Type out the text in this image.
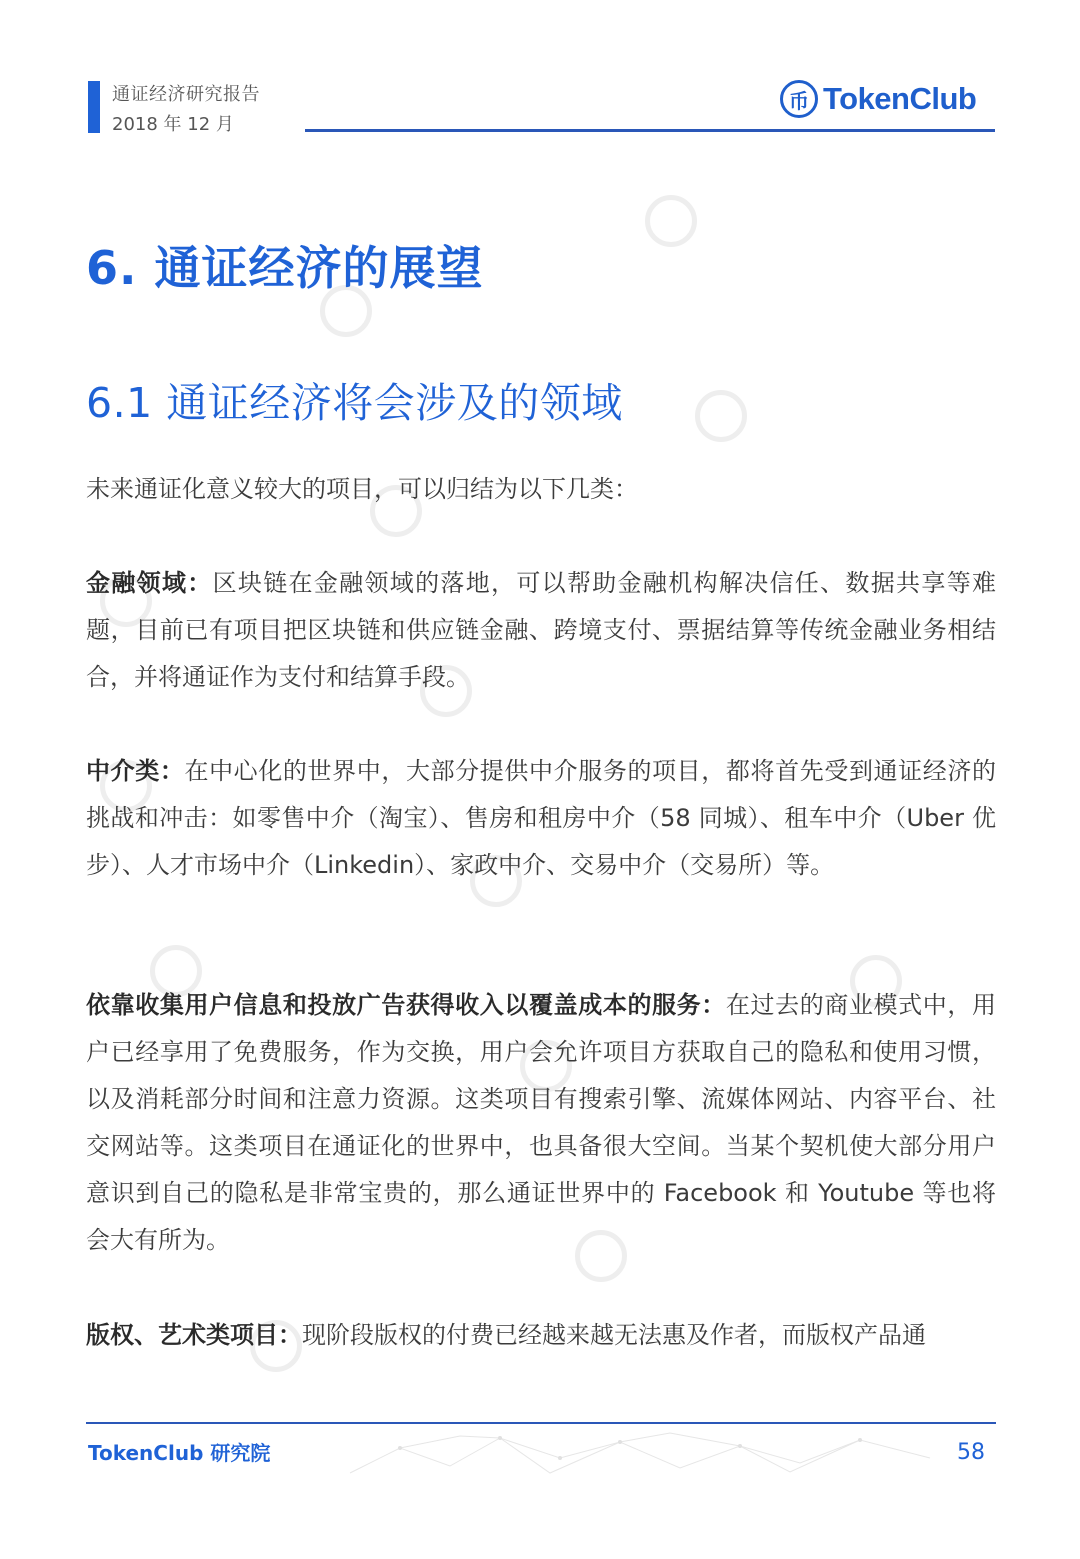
通证经济研究报告
2018 年 12 月
币 TokenClub
6. 通证经济的展望
6.1 通证经济将会涉及的领域
未来通证化意义较大的项目，可以归结为以下几类：
金融领域：区块链在金融领域的落地，可以帮助金融机构解决信任、数据共享等难题，目前已有项目把区块链和供应链金融、跨境支付、票据结算等传统金融业务相结合，并将通证作为支付和结算手段。
中介类：在中心化的世界中，大部分提供中介服务的项目，都将首先受到通证经济的挑战和冲击：如零售中介（淘宝）、售房和租房中介（58 同城）、租车中介（Uber 优步）、人才市场中介（Linkedin）、家政中介、交易中介（交易所）等。
依靠收集用户信息和投放广告获得收入以覆盖成本的服务：在过去的商业模式中，用户已经享用了免费服务，作为交换，用户会允许项目方获取自己的隐私和使用习惯，以及消耗部分时间和注意力资源。这类项目有搜索引擎、流媒体网站、内容平台、社交网站等。这类项目在通证化的世界中，也具备很大空间。当某个契机使大部分用户意识到自己的隐私是非常宝贵的，那么通证世界中的 Facebook 和 Youtube 等也将会大有所为。
版权、艺术类项目：现阶段版权的付费已经越来越无法惠及作者，而版权产品通
TokenClub 研究院	58
